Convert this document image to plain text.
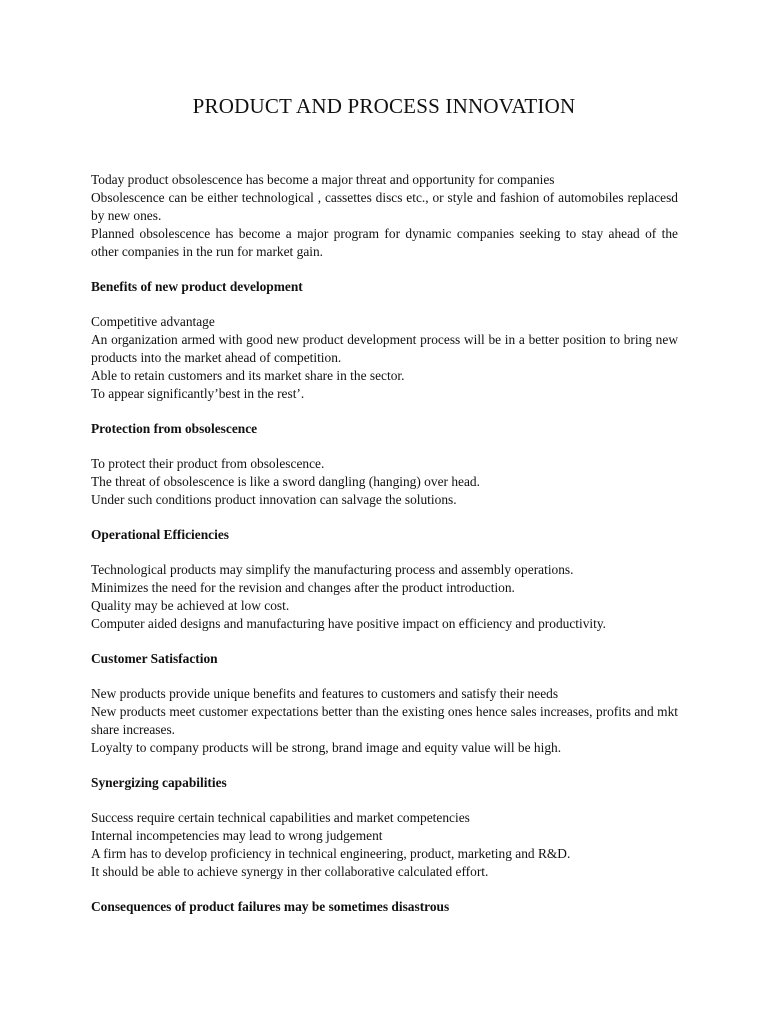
PRODUCT AND PROCESS INNOVATION

Today product obsolescence has become a major threat and opportunity for companies

Obsolescence can be either technological , cassettes discs etc., or style and fashion of automobiles replacesd by new ones.

Planned obsolescence has become a major program for dynamic companies seeking to stay ahead of the other companies in the run for market gain.

Benefits of new product development

Competitive advantage

An organization armed with good new product development process will be in a better position to bring new products into the market ahead of competition.

Able to retain customers and its market share in the sector.

To appear significantly’best in the rest’.

Protection from obsolescence

To protect their product from obsolescence.

The threat of obsolescence is like a sword dangling (hanging) over head.

Under such conditions product innovation can salvage the solutions.

Operational Efficiencies

Technological products may simplify the manufacturing process and assembly operations.

Minimizes the need for the revision and changes after the product introduction.

Quality may be achieved at low cost.

Computer aided designs and manufacturing have positive impact on efficiency and productivity.

Customer Satisfaction

New products provide unique benefits and features to customers and satisfy their needs

New products meet customer expectations better than the existing ones hence sales increases, profits and mkt share increases.

Loyalty to company products will be strong, brand image and equity value will be high.

Synergizing capabilities

Success require certain technical capabilities and market competencies

Internal incompetencies may lead to wrong judgement

A firm has to develop proficiency in technical engineering, product, marketing and R&D.

It should be able to achieve synergy in ther collaborative calculated effort.

Consequences of product failures may be sometimes disastrous
